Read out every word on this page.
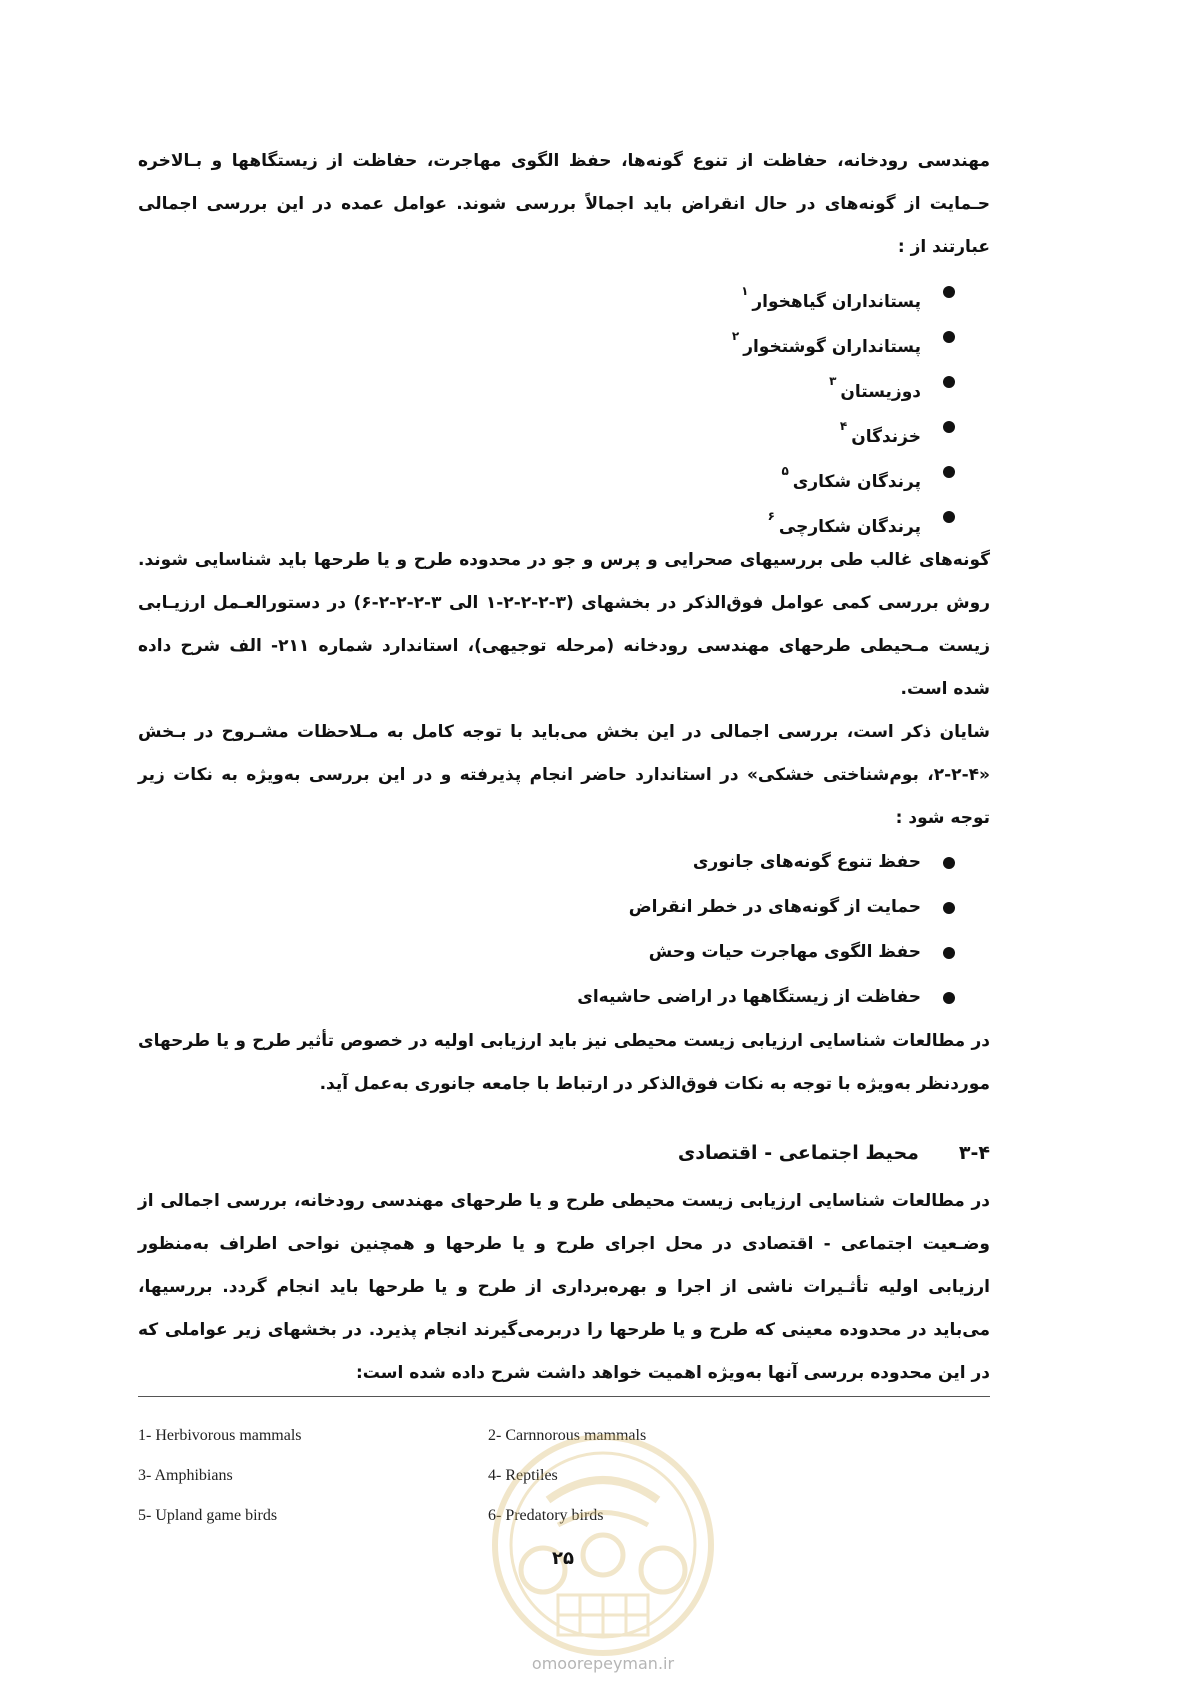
مهندسی رودخانه، حفاظت از تنوع گونه‌ها، حفظ الگوی مهاجرت، حفاظت از زیستگاهها و بـالاخره حـمایت از گونه‌های در حال انقراض باید اجمالاً بررسی شوند. عوامل عمده در این بررسی اجمالی عبارتند از :

پستانداران گیاهخوار$^۱$
پستانداران گوشتخوار$^۲$
دوزیستان$^۳$
خزندگان$^۴$
پرندگان شکاری$^۵$
پرندگان شکارچی$^۶$

گونه‌های غالب طی بررسیهای صحرایی و پرس و جو در محدوده طرح و یا طرحها باید شناسایی شوند. روش بررسی کمی عوامل فوق‌الذکر در بخشهای (۳-۲-۲-۲-۱ الی ۳-۲-۲-۲-۶) در دستورالعـمل ارزیـابی زیست مـحیطی طرحهای مهندسی رودخانه (مرحله توجیهی)، استاندارد شماره ۲۱۱- الف شرح داده شده است.

شایان ذکر است، بررسی اجمالی در این بخش می‌باید با توجه کامل به مـلاحظات مشـروح در بـخش «۴-۲-۲، بوم‌شناختی خشکی» در استاندارد حاضر انجام پذیرفته و در این بررسی به‌ویژه به نکات زیر توجه شود :

حفظ تنوع گونه‌های جانوری
حمایت از گونه‌های در خطر انقراض
حفظ الگوی مهاجرت حیات وحش
حفاظت از زیستگاهها در اراضی حاشیه‌ای

در مطالعات شناسایی ارزیابی زیست محیطی نیز باید ارزیابی اولیه در خصوص تأثیر طرح و یا طرحهای موردنظر به‌ویژه با توجه به نکات فوق‌الذکر در ارتباط با جامعه جانوری به‌عمل آید.

۳-۴
محیط اجتماعی - اقتصادی

در مطالعات شناسایی ارزیابی زیست محیطی طرح و یا طرحهای مهندسی رودخانه، بررسی اجمالی از وضـعیت اجتماعی - اقتصادی در محل اجرای طرح و یا طرحها و همچنین نواحی اطراف به‌منظور ارزیابی اولیه تأثـیرات ناشی از اجرا و بهره‌برداری از طرح و یا طرحها باید انجام گردد. بررسیها، می‌باید در محدوده معینی که طرح و یا طرحها را دربرمی‌گیرند انجام پذیرد. در بخشهای زیر عواملی که در این محدوده بررسی آنها به‌ویژه اهمیت خواهد داشت شرح داده شده است:

1- Herbivorous mammals	2- Carnnorous mammals
3- Amphibians	4- Reptiles
5- Upland game birds	6- Predatory birds
۲۵
omoorepeyman.ir
